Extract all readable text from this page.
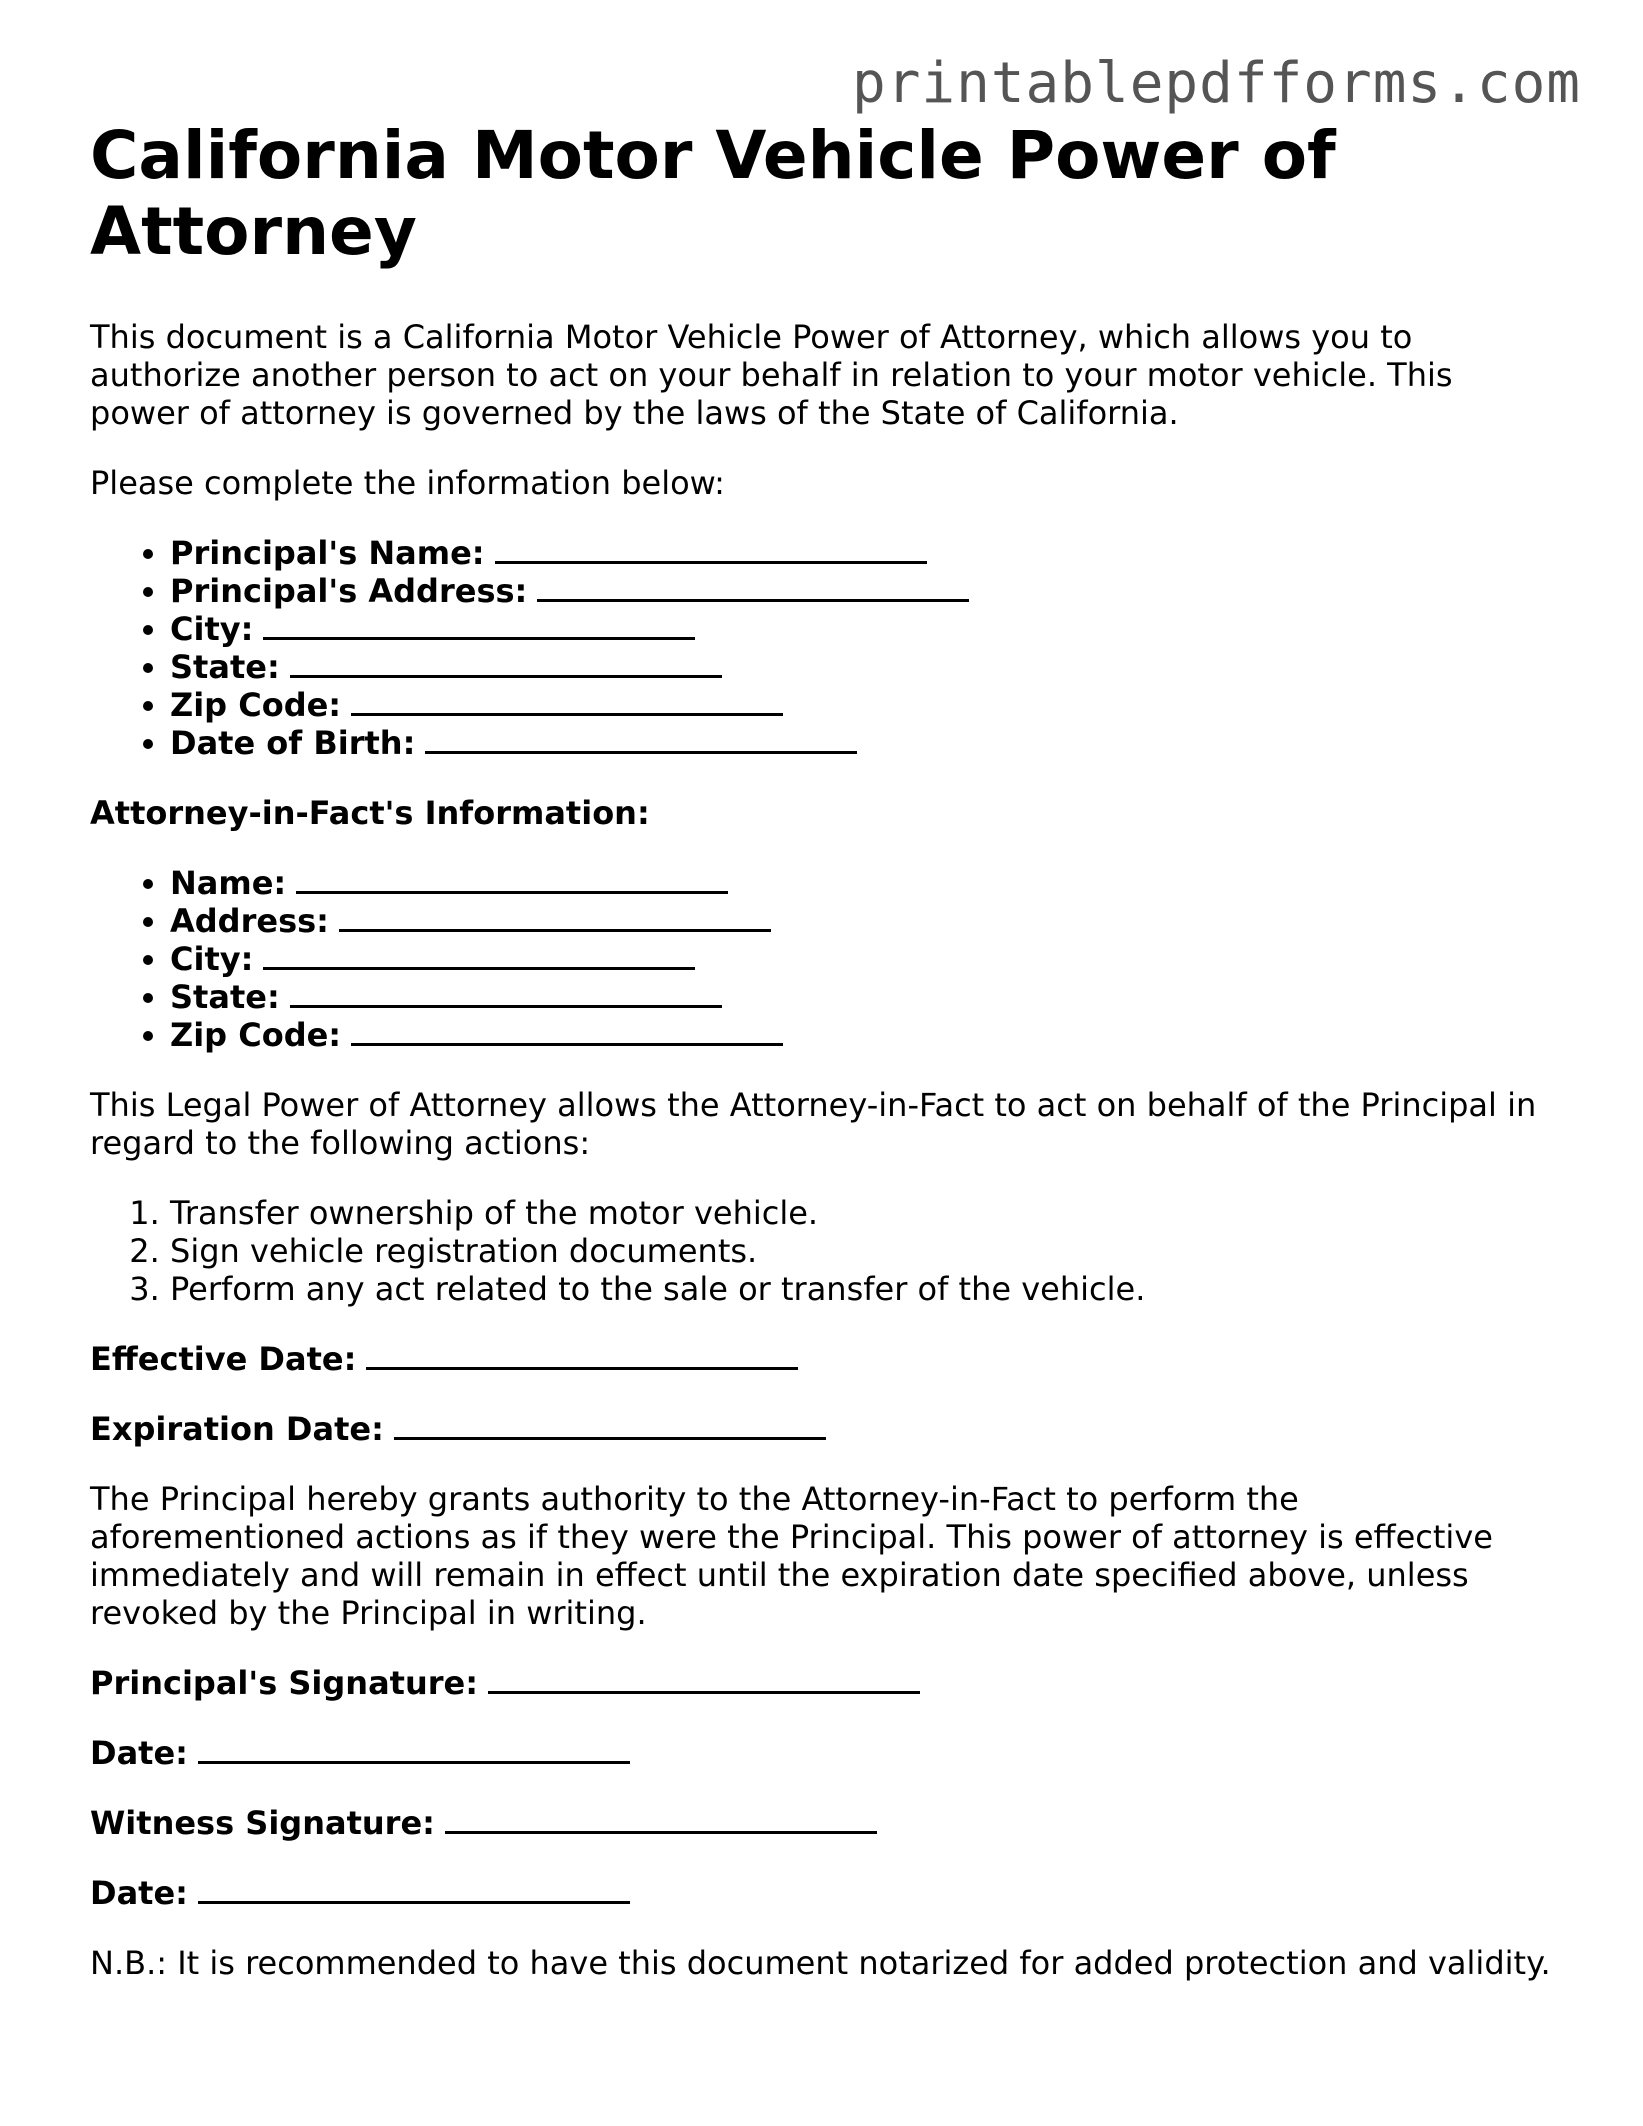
printablepdfforms.com
California Motor Vehicle Power of Attorney

This document is a California Motor Vehicle Power of Attorney, which allows you to authorize another person to act on your behalf in relation to your motor vehicle. This power of attorney is governed by the laws of the State of California.

Please complete the information below:

• Principal's Name:
• Principal's Address:
• City:
• State:
• Zip Code:
• Date of Birth:
Attorney-in-Fact's Information:
• Name:
• Address:
• City:
• State:
• Zip Code:

This Legal Power of Attorney allows the Attorney-in-Fact to act on behalf of the Principal in regard to the following actions:

1. Transfer ownership of the motor vehicle.
2. Sign vehicle registration documents.
3. Perform any act related to the sale or transfer of the vehicle.

Effective Date:

Expiration Date:

The Principal hereby grants authority to the Attorney-in-Fact to perform the aforementioned actions as if they were the Principal. This power of attorney is effective immediately and will remain in effect until the expiration date specified above, unless revoked by the Principal in writing.

Principal's Signature:

Date:

Witness Signature:

Date:

N.B.: It is recommended to have this document notarized for added protection and validity.
